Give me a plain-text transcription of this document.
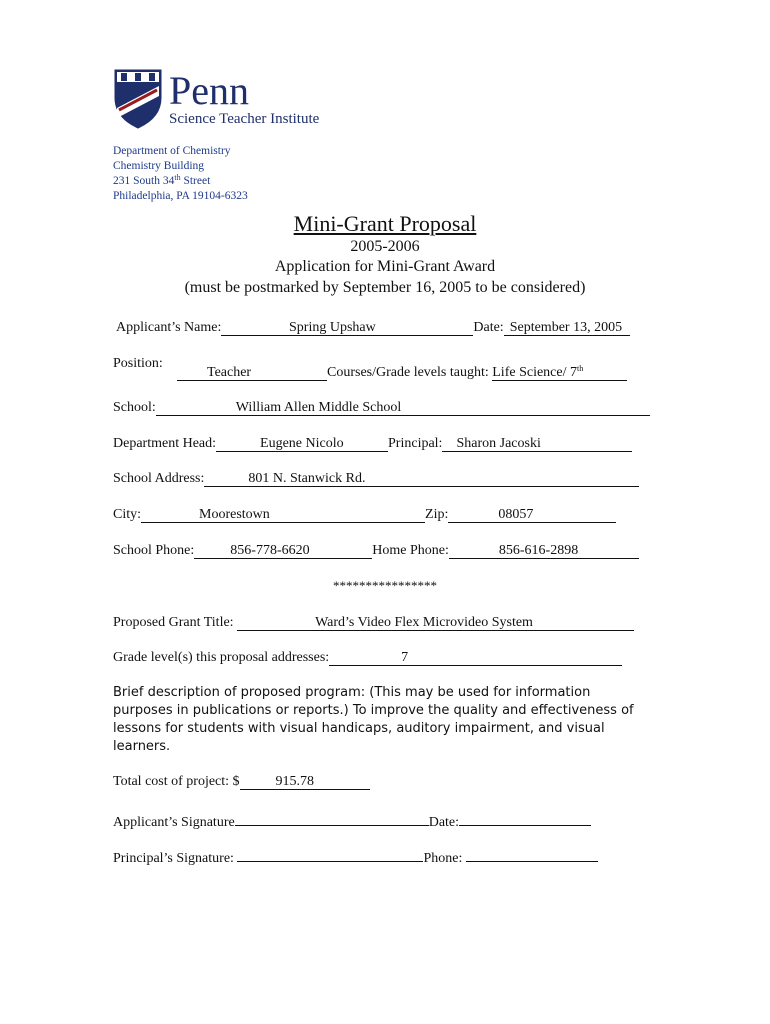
Penn
Science Teacher Institute
Department of Chemistry
Chemistry Building
231 South 34th Street
Philadelphia, PA 19104-6323
Mini-Grant Proposal
2005-2006
Application for Mini-Grant Award
(must be postmarked by September 16, 2005 to be considered)
Applicant’s Name:	Spring Upshaw	Date: September 13, 2005
Position:
Teacher	Courses/Grade levels taught: Life Science/ 7th
School:	William Allen Middle School
Department Head:	Eugene Nicolo	Principal: Sharon Jacoski
School Address:	801 N. Stanwick Rd.
City:	Moorestown	Zip:	08057
School Phone:	856-778-6620	Home Phone:	856-616-2898
****************
Proposed Grant Title:	Ward’s Video Flex Microvideo System
Grade level(s) this proposal addresses:	7
Brief description of proposed program: (This may be used for information purposes in publications or reports.) To improve the quality and effectiveness of lessons for students with visual handicaps, auditory impairment, and visual learners.
Total cost of project: $	915.78
Applicant’s Signature	Date:
Principal’s Signature:	Phone:
